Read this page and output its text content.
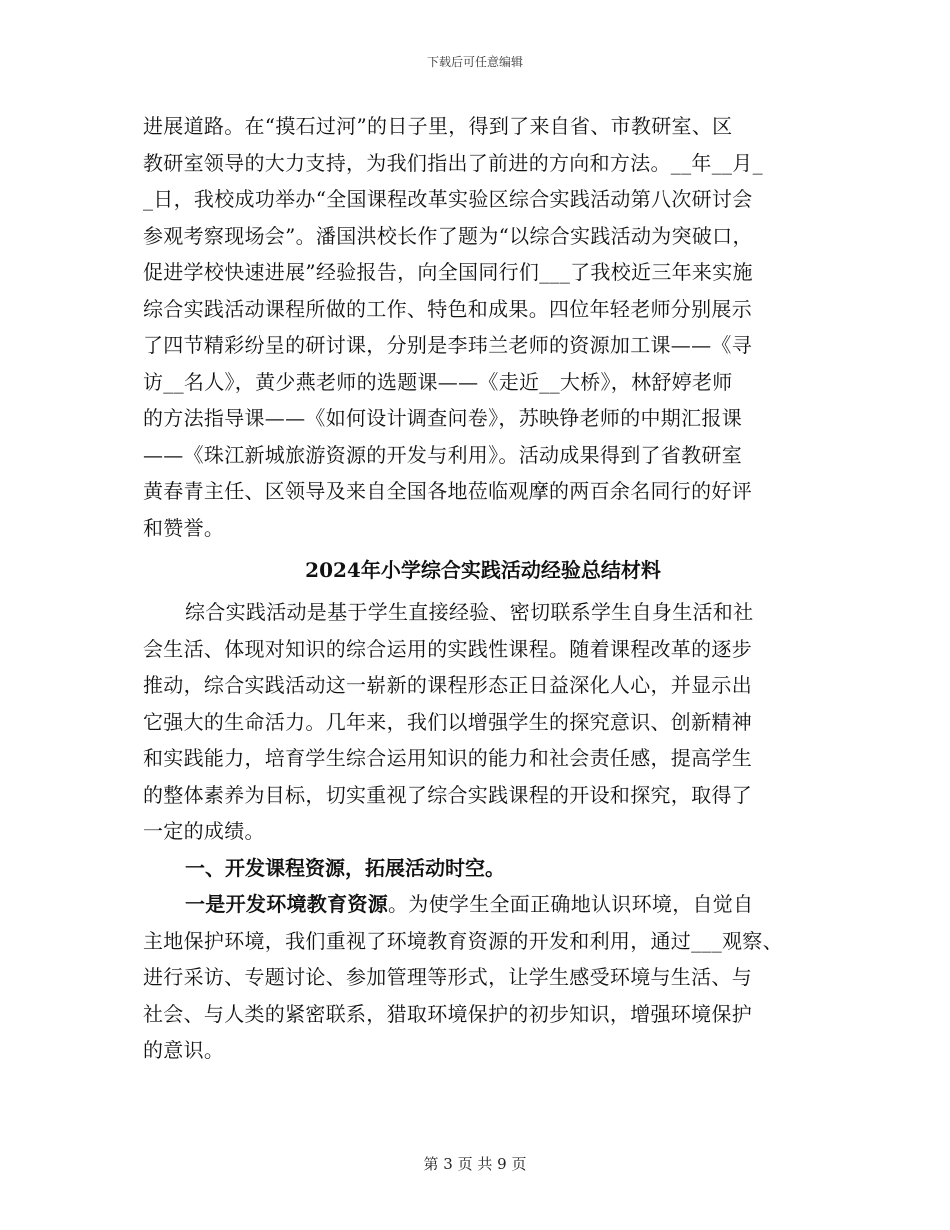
下载后可任意编辑
进展道路。在“摸石过河”的日子里，得到了来自省、市教研室、区
教研室领导的大力支持，为我们指出了前进的方向和方法。__年__月_
_日，我校成功举办“全国课程改革实验区综合实践活动第八次研讨会
参观考察现场会”。潘国洪校长作了题为“以综合实践活动为突破口，
促进学校快速进展”经验报告，向全国同行们___了我校近三年来实施
综合实践活动课程所做的工作、特色和成果。四位年轻老师分别展示
了四节精彩纷呈的研讨课，分别是李玮兰老师的资源加工课——《寻
访__名人》，黄少燕老师的选题课——《走近__大桥》，林舒婷老师
的方法指导课——《如何设计调查问卷》，苏映铮老师的中期汇报课
——《珠江新城旅游资源的开发与利用》。活动成果得到了省教研室
黄春青主任、区领导及来自全国各地莅临观摩的两百余名同行的好评
和赞誉。
2024年小学综合实践活动经验总结材料
综合实践活动是基于学生直接经验、密切联系学生自身生活和社
会生活、体现对知识的综合运用的实践性课程。随着课程改革的逐步
推动，综合实践活动这一崭新的课程形态正日益深化人心，并显示出
它强大的生命活力。几年来，我们以增强学生的探究意识、创新精神
和实践能力，培育学生综合运用知识的能力和社会责任感，提高学生
的整体素养为目标，切实重视了综合实践课程的开设和探究，取得了
一定的成绩。
一、开发课程资源，拓展活动时空。
一是开发环境教育资源。为使学生全面正确地认识环境，自觉自
主地保护环境，我们重视了环境教育资源的开发和利用，通过___观察、
进行采访、专题讨论、参加管理等形式，让学生感受环境与生活、与
社会、与人类的紧密联系，猎取环境保护的初步知识，增强环境保护
的意识。
第 3 页 共 9 页
